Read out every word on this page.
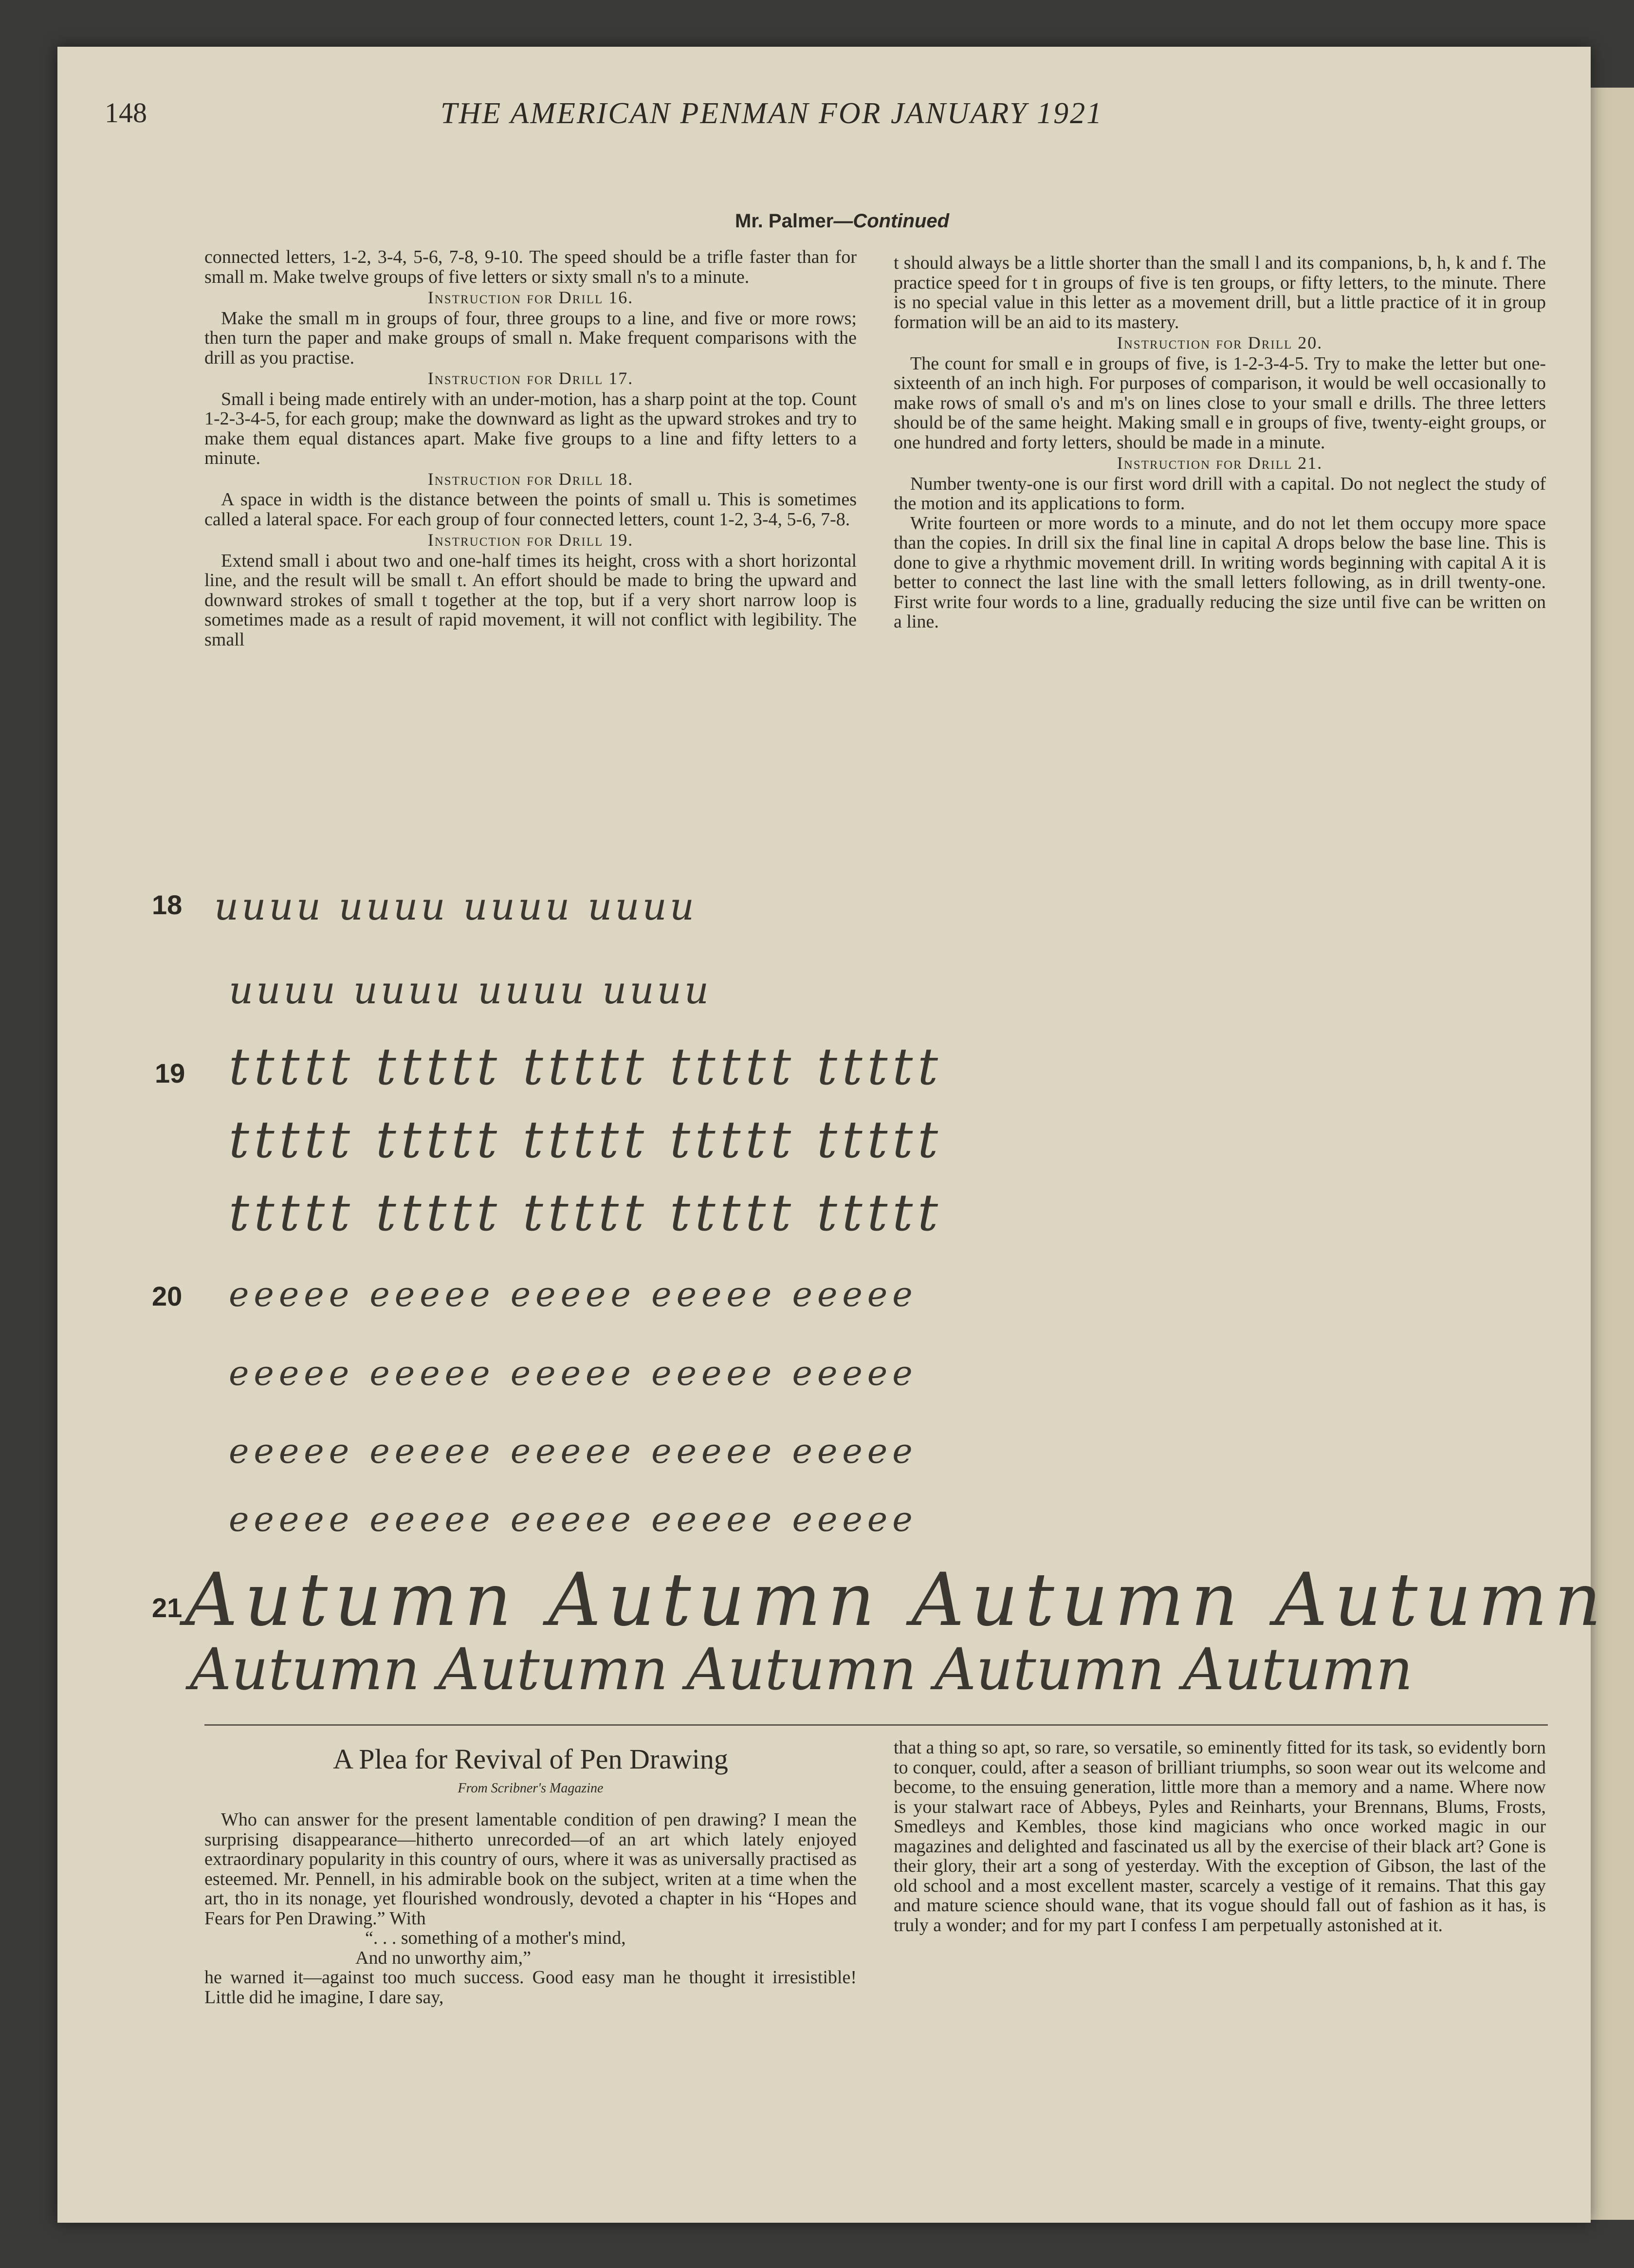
148	THE AMERICAN PENMAN FOR JANUARY 1921
Mr. Palmer—Continued

connected letters, 1-2, 3-4, 5-6, 7-8, 9-10. The speed should be a trifle faster than for small m. Make twelve groups of five letters or sixty small n's to a minute.

Instruction for Drill 16.

Make the small m in groups of four, three groups to a line, and five or more rows; then turn the paper and make groups of small n. Make frequent comparisons with the drill as you practise.

Instruction for Drill 17.

Small i being made entirely with an under-motion, has a sharp point at the top. Count 1-2-3-4-5, for each group; make the downward as light as the upward strokes and try to make them equal distances apart. Make five groups to a line and fifty letters to a minute.

Instruction for Drill 18.

A space in width is the distance between the points of small u. This is sometimes called a lateral space. For each group of four connected letters, count 1-2, 3-4, 5-6, 7-8.

Instruction for Drill 19.

Extend small i about two and one-half times its height, cross with a short horizontal line, and the result will be small t. An effort should be made to bring the upward and downward strokes of small t together at the top, but if a very short narrow loop is sometimes made as a result of rapid movement, it will not conflict with legibility. The small

t should always be a little shorter than the small l and its companions, b, h, k and f. The practice speed for t in groups of five is ten groups, or fifty letters, to the minute. There is no special value in this letter as a movement drill, but a little practice of it in group formation will be an aid to its mastery.

Instruction for Drill 20.

The count for small e in groups of five, is 1-2-3-4-5. Try to make the letter but one-sixteenth of an inch high. For purposes of comparison, it would be well occasionally to make rows of small o's and m's on lines close to your small e drills. The three letters should be of the same height. Making small e in groups of five, twenty-eight groups, or one hundred and forty letters, should be made in a minute.

Instruction for Drill 21.

Number twenty-one is our first word drill with a capital. Do not neglect the study of the motion and its applications to form.

Write fourteen or more words to a minute, and do not let them occupy more space than the copies. In drill six the final line in capital A drops below the base line. This is done to give a rhythmic movement drill. In writing words beginning with capital A it is better to connect the last line with the small letters following, as in drill twenty-one. First write four words to a line, gradually reducing the size until five can be written on a line.

18 uuuu uuuu uuuu uuuu
uuuu uuuu uuuu uuuu
19 ttttt ttttt ttttt ttttt ttttt
ttttt ttttt ttttt ttttt ttttt
ttttt ttttt ttttt ttttt ttttt
20 eeeee eeeee eeeee eeeee eeeee
eeeee eeeee eeeee eeeee eeeee
eeeee eeeee eeeee eeeee eeeee
eeeee eeeee eeeee eeeee eeeee
21 Autumn Autumn Autumn Autumn
Autumn Autumn Autumn Autumn Autumn
A Plea for Revival of Pen Drawing
From Scribner's Magazine

Who can answer for the present lamentable condition of pen drawing? I mean the surprising disappearance—hitherto unrecorded—of an art which lately enjoyed extraordinary popularity in this country of ours, where it was as universally practised as esteemed. Mr. Pennell, in his admirable book on the subject, writen at a time when the art, tho in its nonage, yet flourished wondrously, devoted a chapter in his “Hopes and Fears for Pen Drawing.” With

“. . . something of a mother's mind,

And no unworthy aim,”

he warned it—against too much success. Good easy man he thought it irresistible! Little did he imagine, I dare say,

that a thing so apt, so rare, so versatile, so eminently fitted for its task, so evidently born to conquer, could, after a season of brilliant triumphs, so soon wear out its welcome and become, to the ensuing generation, little more than a memory and a name. Where now is your stalwart race of Abbeys, Pyles and Reinharts, your Brennans, Blums, Frosts, Smedleys and Kembles, those kind magicians who once worked magic in our magazines and delighted and fascinated us all by the exercise of their black art? Gone is their glory, their art a song of yesterday. With the exception of Gibson, the last of the old school and a most excellent master, scarcely a vestige of it remains. That this gay and mature science should wane, that its vogue should fall out of fashion as it has, is truly a wonder; and for my part I confess I am perpetually astonished at it.
